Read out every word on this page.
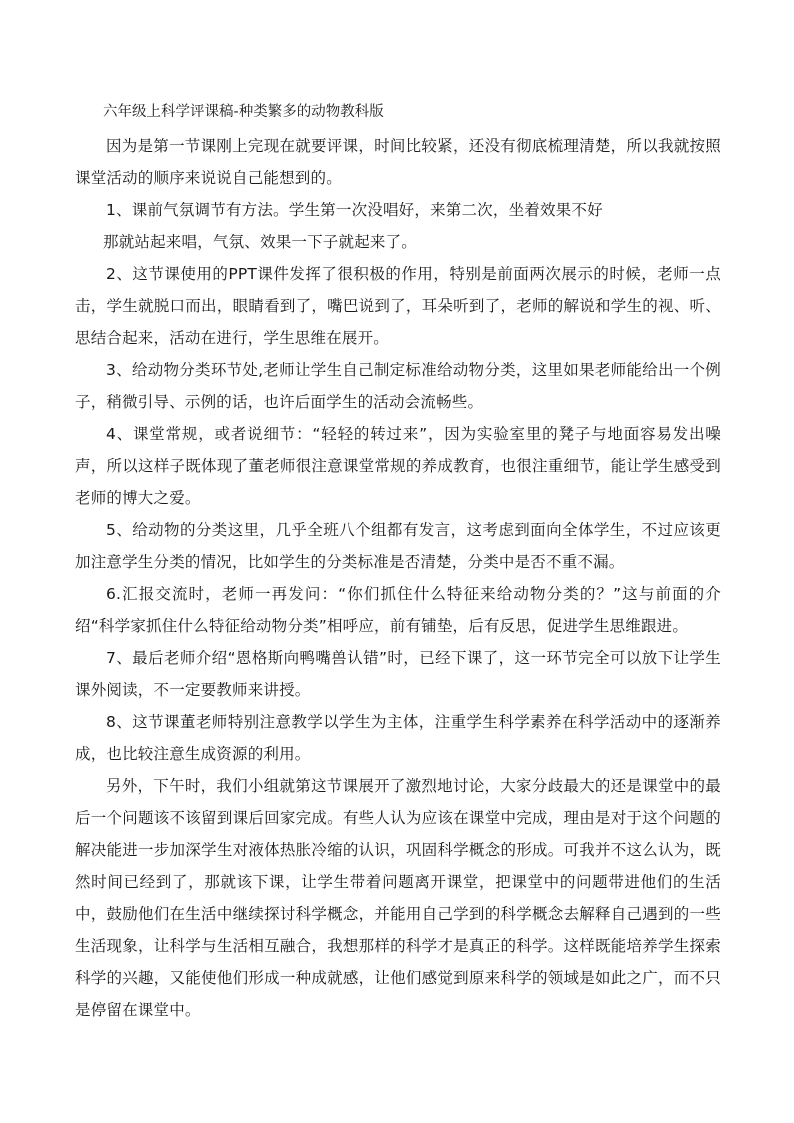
六年级上科学评课稿-种类繁多的动物教科版

因为是第一节课刚上完现在就要评课，时间比较紧，还没有彻底梳理清楚，所以我就按照课堂活动的顺序来说说自己能想到的。

1、课前气氛调节有方法。学生第一次没唱好，来第二次，坐着效果不好

那就站起来唱，气氛、效果一下子就起来了。

2、这节课使用的PPT课件发挥了很积极的作用，特别是前面两次展示的时候，老师一点击，学生就脱口而出，眼睛看到了，嘴巴说到了，耳朵听到了，老师的解说和学生的视、听、思结合起来，活动在进行，学生思维在展开。

3、给动物分类环节处,老师让学生自己制定标准给动物分类，这里如果老师能给出一个例子，稍微引导、示例的话，也许后面学生的活动会流畅些。

4、课堂常规，或者说细节：“轻轻的转过来”，因为实验室里的凳子与地面容易发出噪声，所以这样子既体现了董老师很注意课堂常规的养成教育，也很注重细节，能让学生感受到老师的博大之爱。

5、给动物的分类这里，几乎全班八个组都有发言，这考虑到面向全体学生，不过应该更加注意学生分类的情况，比如学生的分类标准是否清楚，分类中是否不重不漏。

6.汇报交流时，老师一再发问：“你们抓住什么特征来给动物分类的？”这与前面的介绍“科学家抓住什么特征给动物分类”相呼应，前有铺垫，后有反思，促进学生思维跟进。

7、最后老师介绍“恩格斯向鸭嘴兽认错”时，已经下课了，这一环节完全可以放下让学生课外阅读，不一定要教师来讲授。

8、这节课董老师特别注意教学以学生为主体，注重学生科学素养在科学活动中的逐渐养成，也比较注意生成资源的利用。

另外，下午时，我们小组就第这节课展开了激烈地讨论，大家分歧最大的还是课堂中的最后一个问题该不该留到课后回家完成。有些人认为应该在课堂中完成，理由是对于这个问题的解决能进一步加深学生对液体热胀冷缩的认识，巩固科学概念的形成。可我并不这么认为，既然时间已经到了，那就该下课，让学生带着问题离开课堂，把课堂中的问题带进他们的生活中，鼓励他们在生活中继续探讨科学概念，并能用自己学到的科学概念去解释自己遇到的一些生活现象，让科学与生活相互融合，我想那样的科学才是真正的科学。这样既能培养学生探索科学的兴趣，又能使他们形成一种成就感，让他们感觉到原来科学的领域是如此之广，而不只是停留在课堂中。
